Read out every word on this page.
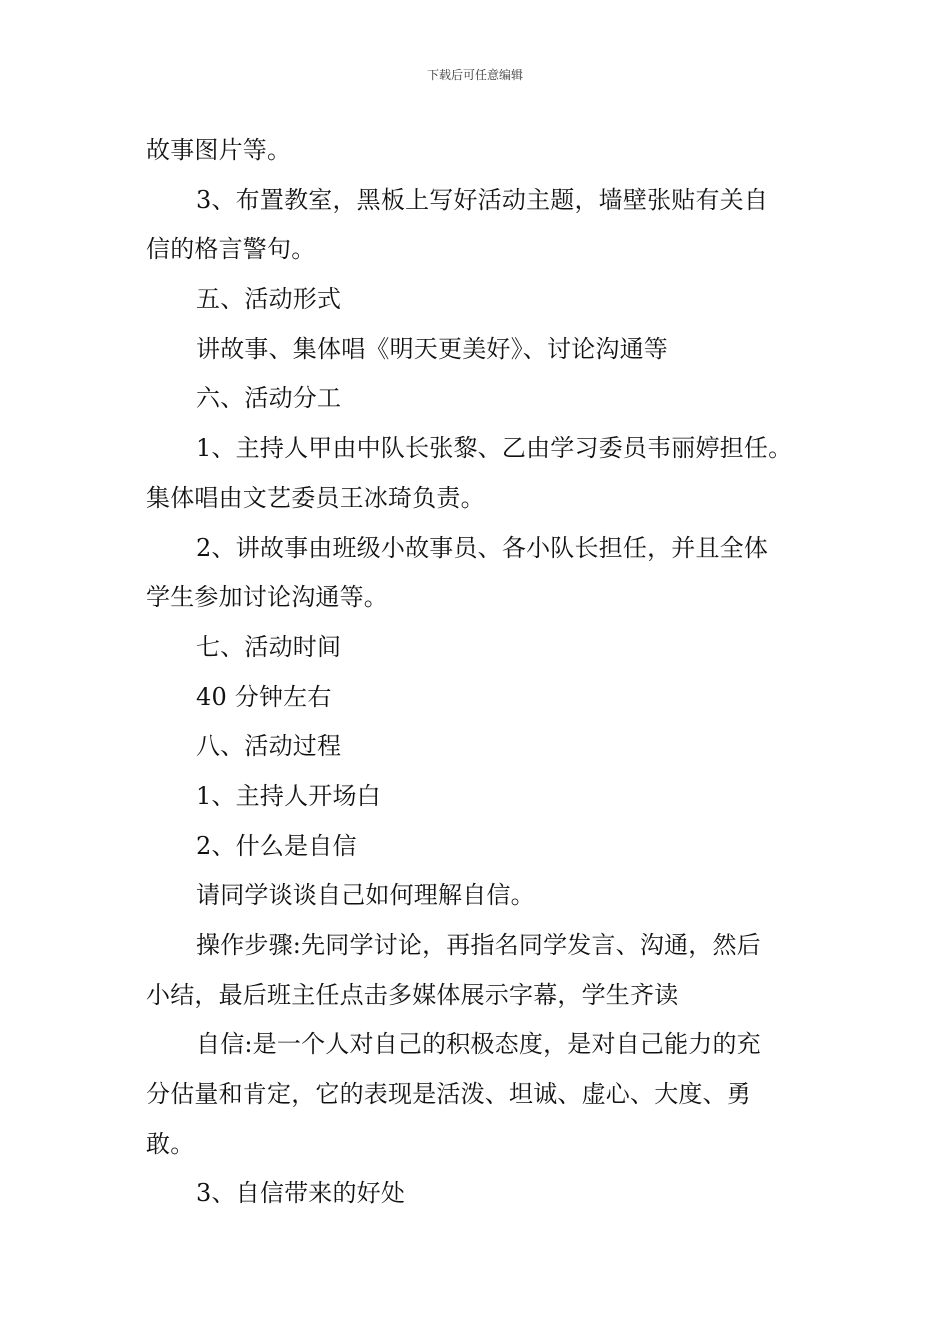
下载后可任意编辑
故事图片等。
3、布置教室，黑板上写好活动主题，墙壁张贴有关自
信的格言警句。
五、活动形式
讲故事、集体唱《明天更美好》、讨论沟通等
六、活动分工
1、主持人甲由中队长张黎、乙由学习委员韦丽婷担任。
集体唱由文艺委员王冰琦负责。
2、讲故事由班级小故事员、各小队长担任，并且全体
学生参加讨论沟通等。
七、活动时间
40 分钟左右
八、活动过程
1、主持人开场白
2、什么是自信
请同学谈谈自己如何理解自信。
操作步骤:先同学讨论，再指名同学发言、沟通，然后
小结，最后班主任点击多媒体展示字幕，学生齐读
自信:是一个人对自己的积极态度，是对自己能力的充
分估量和肯定，它的表现是活泼、坦诚、虚心、大度、勇
敢。
3、自信带来的好处
